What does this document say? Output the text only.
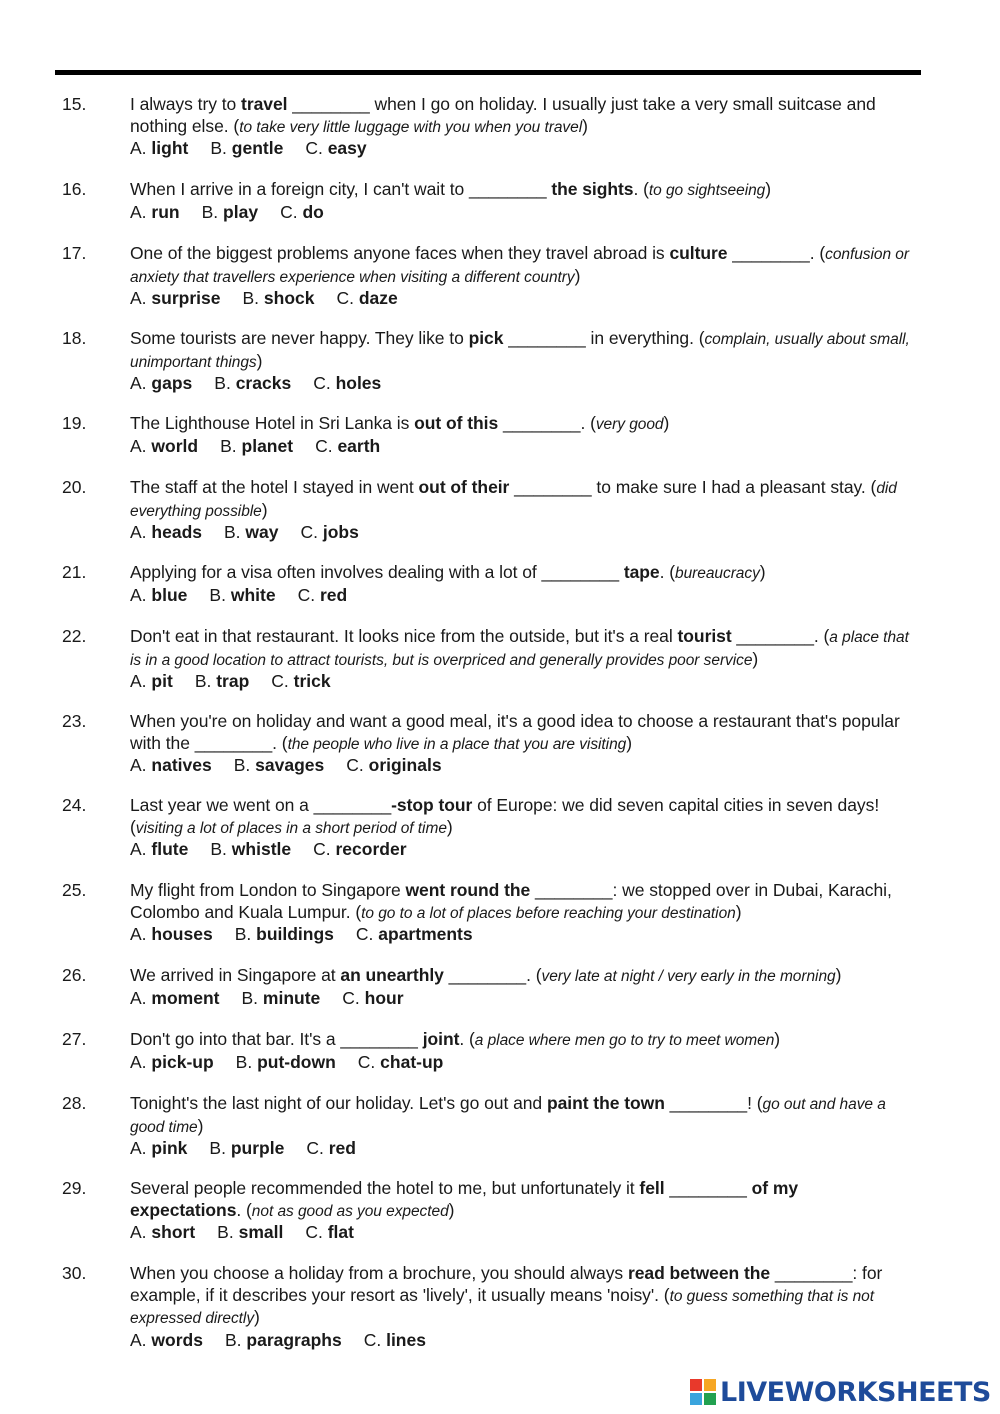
15.	I always try to travel ________ when I go on holiday. I usually just take a very small suitcase and nothing else. (to take very little luggage with you when you travel)
A. light B. gentle C. easy
16.	When I arrive in a foreign city, I can't wait to ________ the sights. (to go sightseeing)
A. run B. play C. do
17.	One of the biggest problems anyone faces when they travel abroad is culture ________. (confusion or anxiety that travellers experience when visiting a different country)
A. surprise B. shock C. daze
18.	Some tourists are never happy. They like to pick ________ in everything. (complain, usually about small, unimportant things)
A. gaps B. cracks C. holes
19.	The Lighthouse Hotel in Sri Lanka is out of this ________. (very good)
A. world B. planet C. earth
20.	The staff at the hotel I stayed in went out of their ________ to make sure I had a pleasant stay. (did everything possible)
A. heads B. way C. jobs
21.	Applying for a visa often involves dealing with a lot of ________ tape. (bureaucracy)
A. blue B. white C. red
22.	Don't eat in that restaurant. It looks nice from the outside, but it's a real tourist ________. (a place that is in a good location to attract tourists, but is overpriced and generally provides poor service)
A. pit B. trap C. trick
23.	When you're on holiday and want a good meal, it's a good idea to choose a restaurant that's popular with the ________. (the people who live in a place that you are visiting)
A. natives B. savages C. originals
24.	Last year we went on a ________-stop tour of Europe: we did seven capital cities in seven days! (visiting a lot of places in a short period of time)
A. flute B. whistle C. recorder
25.	My flight from London to Singapore went round the ________: we stopped over in Dubai, Karachi, Colombo and Kuala Lumpur. (to go to a lot of places before reaching your destination)
A. houses B. buildings C. apartments
26.	We arrived in Singapore at an unearthly ________. (very late at night / very early in the morning)
A. moment B. minute C. hour
27.	Don't go into that bar. It's a ________ joint. (a place where men go to try to meet women)
A. pick-up B. put-down C. chat-up
28.	Tonight's the last night of our holiday. Let's go out and paint the town ________! (go out and have a good time)
A. pink B. purple C. red
29.	Several people recommended the hotel to me, but unfortunately it fell ________ of my expectations. (not as good as you expected)
A. short B. small C. flat
30.	When you choose a holiday from a brochure, you should always read between the ________: for example, if it describes your resort as 'lively', it usually means 'noisy'. (to guess something that is not expressed directly)
A. words B. paragraphs C. lines
LIVEWORKSHEETS
